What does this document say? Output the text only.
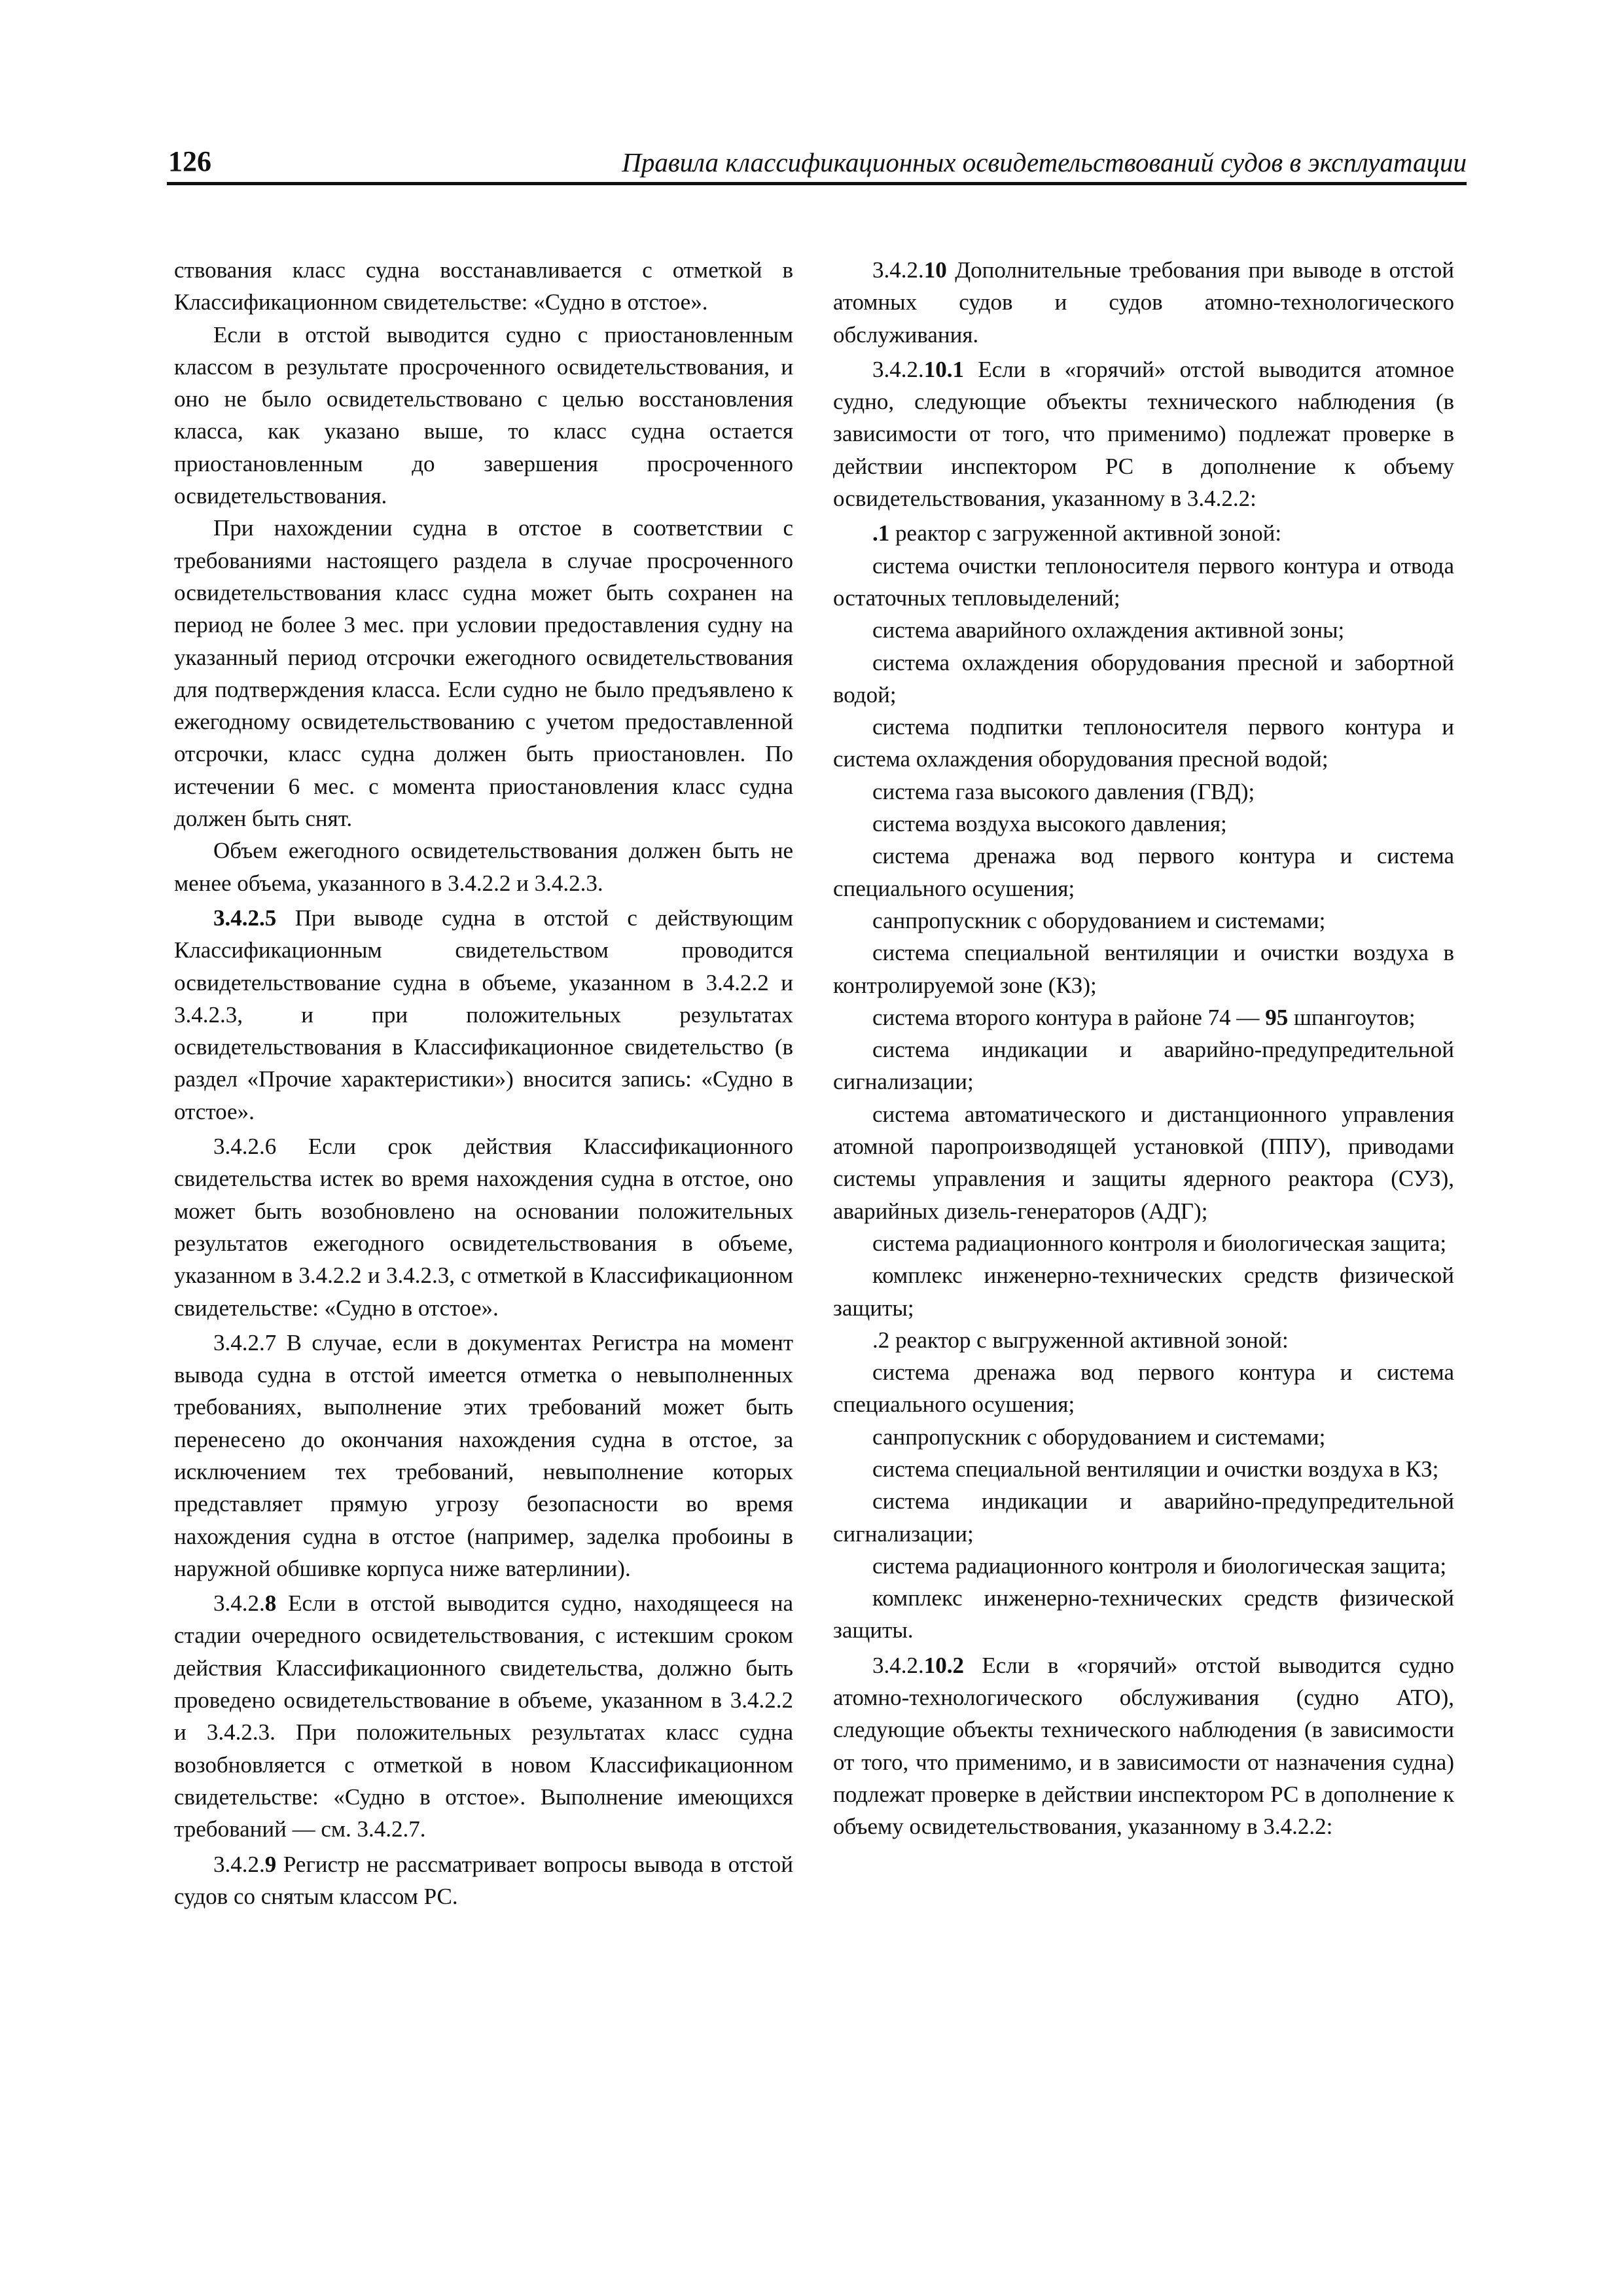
126	Правила классификационных освидетельствований судов в эксплуатации

ствования класс судна восстанавливается с отметкой в Классификационном свидетельстве: «Судно в отстое».

Если в отстой выводится судно с приостановленным классом в результате просроченного освидетельствования, и оно не было освидетельствовано с целью восстановления класса, как указано выше, то класс судна остается приостановленным до завершения просроченного освидетельствования.

При нахождении судна в отстое в соответствии с требованиями настоящего раздела в случае просроченного освидетельствования класс судна может быть сохранен на период не более 3 мес. при условии предоставления судну на указанный период отсрочки ежегодного освидетельствования для подтверждения класса. Если судно не было предъявлено к ежегодному освидетельствованию с учетом предоставленной отсрочки, класс судна должен быть приостановлен. По истечении 6 мес. с момента приостановления класс судна должен быть снят.

Объем ежегодного освидетельствования должен быть не менее объема, указанного в 3.4.2.2 и 3.4.2.3.

3.4.2.5 При выводе судна в отстой с действующим Классификационным свидетельством проводится освидетельствование судна в объеме, указанном в 3.4.2.2 и 3.4.2.3, и при положительных результатах освидетельствования в Классификационное свидетельство (в раздел «Прочие характеристики») вносится запись: «Судно в отстое».

3.4.2.6 Если срок действия Классификационного свидетельства истек во время нахождения судна в отстое, оно может быть возобновлено на основании положительных результатов ежегодного освидетельствования в объеме, указанном в 3.4.2.2 и 3.4.2.3, с отметкой в Классификационном свидетельстве: «Судно в отстое».

3.4.2.7 В случае, если в документах Регистра на момент вывода судна в отстой имеется отметка о невыполненных требованиях, выполнение этих требований может быть перенесено до окончания нахождения судна в отстое, за исключением тех требований, невыполнение которых представляет прямую угрозу безопасности во время нахождения судна в отстое (например, заделка пробоины в наружной обшивке корпуса ниже ватерлинии).

3.4.2.8 Если в отстой выводится судно, находящееся на стадии очередного освидетельствования, с истекшим сроком действия Классификационного свидетельства, должно быть проведено освидетельствование в объеме, указанном в 3.4.2.2 и 3.4.2.3. При положительных результатах класс судна возобновляется с отметкой в новом Классификационном свидетельстве: «Судно в отстое». Выполнение имеющихся требований — см. 3.4.2.7.

3.4.2.9 Регистр не рассматривает вопросы вывода в отстой судов со снятым классом РС.

3.4.2.10 Дополнительные требования при выводе в отстой атомных судов и судов атомно-технологического обслуживания.

3.4.2.10.1 Если в «горячий» отстой выводится атомное судно, следующие объекты технического наблюдения (в зависимости от того, что применимо) подлежат проверке в действии инспектором РС в дополнение к объему освидетельствования, указанному в 3.4.2.2:

.1 реактор с загруженной активной зоной:

система очистки теплоносителя первого контура и отвода остаточных тепловыделений;

система аварийного охлаждения активной зоны;

система охлаждения оборудования пресной и забортной водой;

система подпитки теплоносителя первого контура и система охлаждения оборудования пресной водой;

система газа высокого давления (ГВД);

система воздуха высокого давления;

система дренажа вод первого контура и система специального осушения;

санпропускник с оборудованием и системами;

система специальной вентиляции и очистки воздуха в контролируемой зоне (КЗ);

система второго контура в районе 74 — 95 шпангоутов;

система индикации и аварийно-предупредительной сигнализации;

система автоматического и дистанционного управления атомной паропроизводящей установкой (ППУ), приводами системы управления и защиты ядерного реактора (СУЗ), аварийных дизель-генераторов (АДГ);

система радиационного контроля и биологическая защита;

комплекс инженерно-технических средств физической защиты;

.2 реактор с выгруженной активной зоной:

система дренажа вод первого контура и система специального осушения;

санпропускник с оборудованием и системами;

система специальной вентиляции и очистки воздуха в КЗ;

система индикации и аварийно-предупредительной сигнализации;

система радиационного контроля и биологическая защита;

комплекс инженерно-технических средств физической защиты.

3.4.2.10.2 Если в «горячий» отстой выводится судно атомно-технологического обслуживания (судно АТО), следующие объекты технического наблюдения (в зависимости от того, что применимо, и в зависимости от назначения судна) подлежат проверке в действии инспектором РС в дополнение к объему освидетельствования, указанному в 3.4.2.2:
